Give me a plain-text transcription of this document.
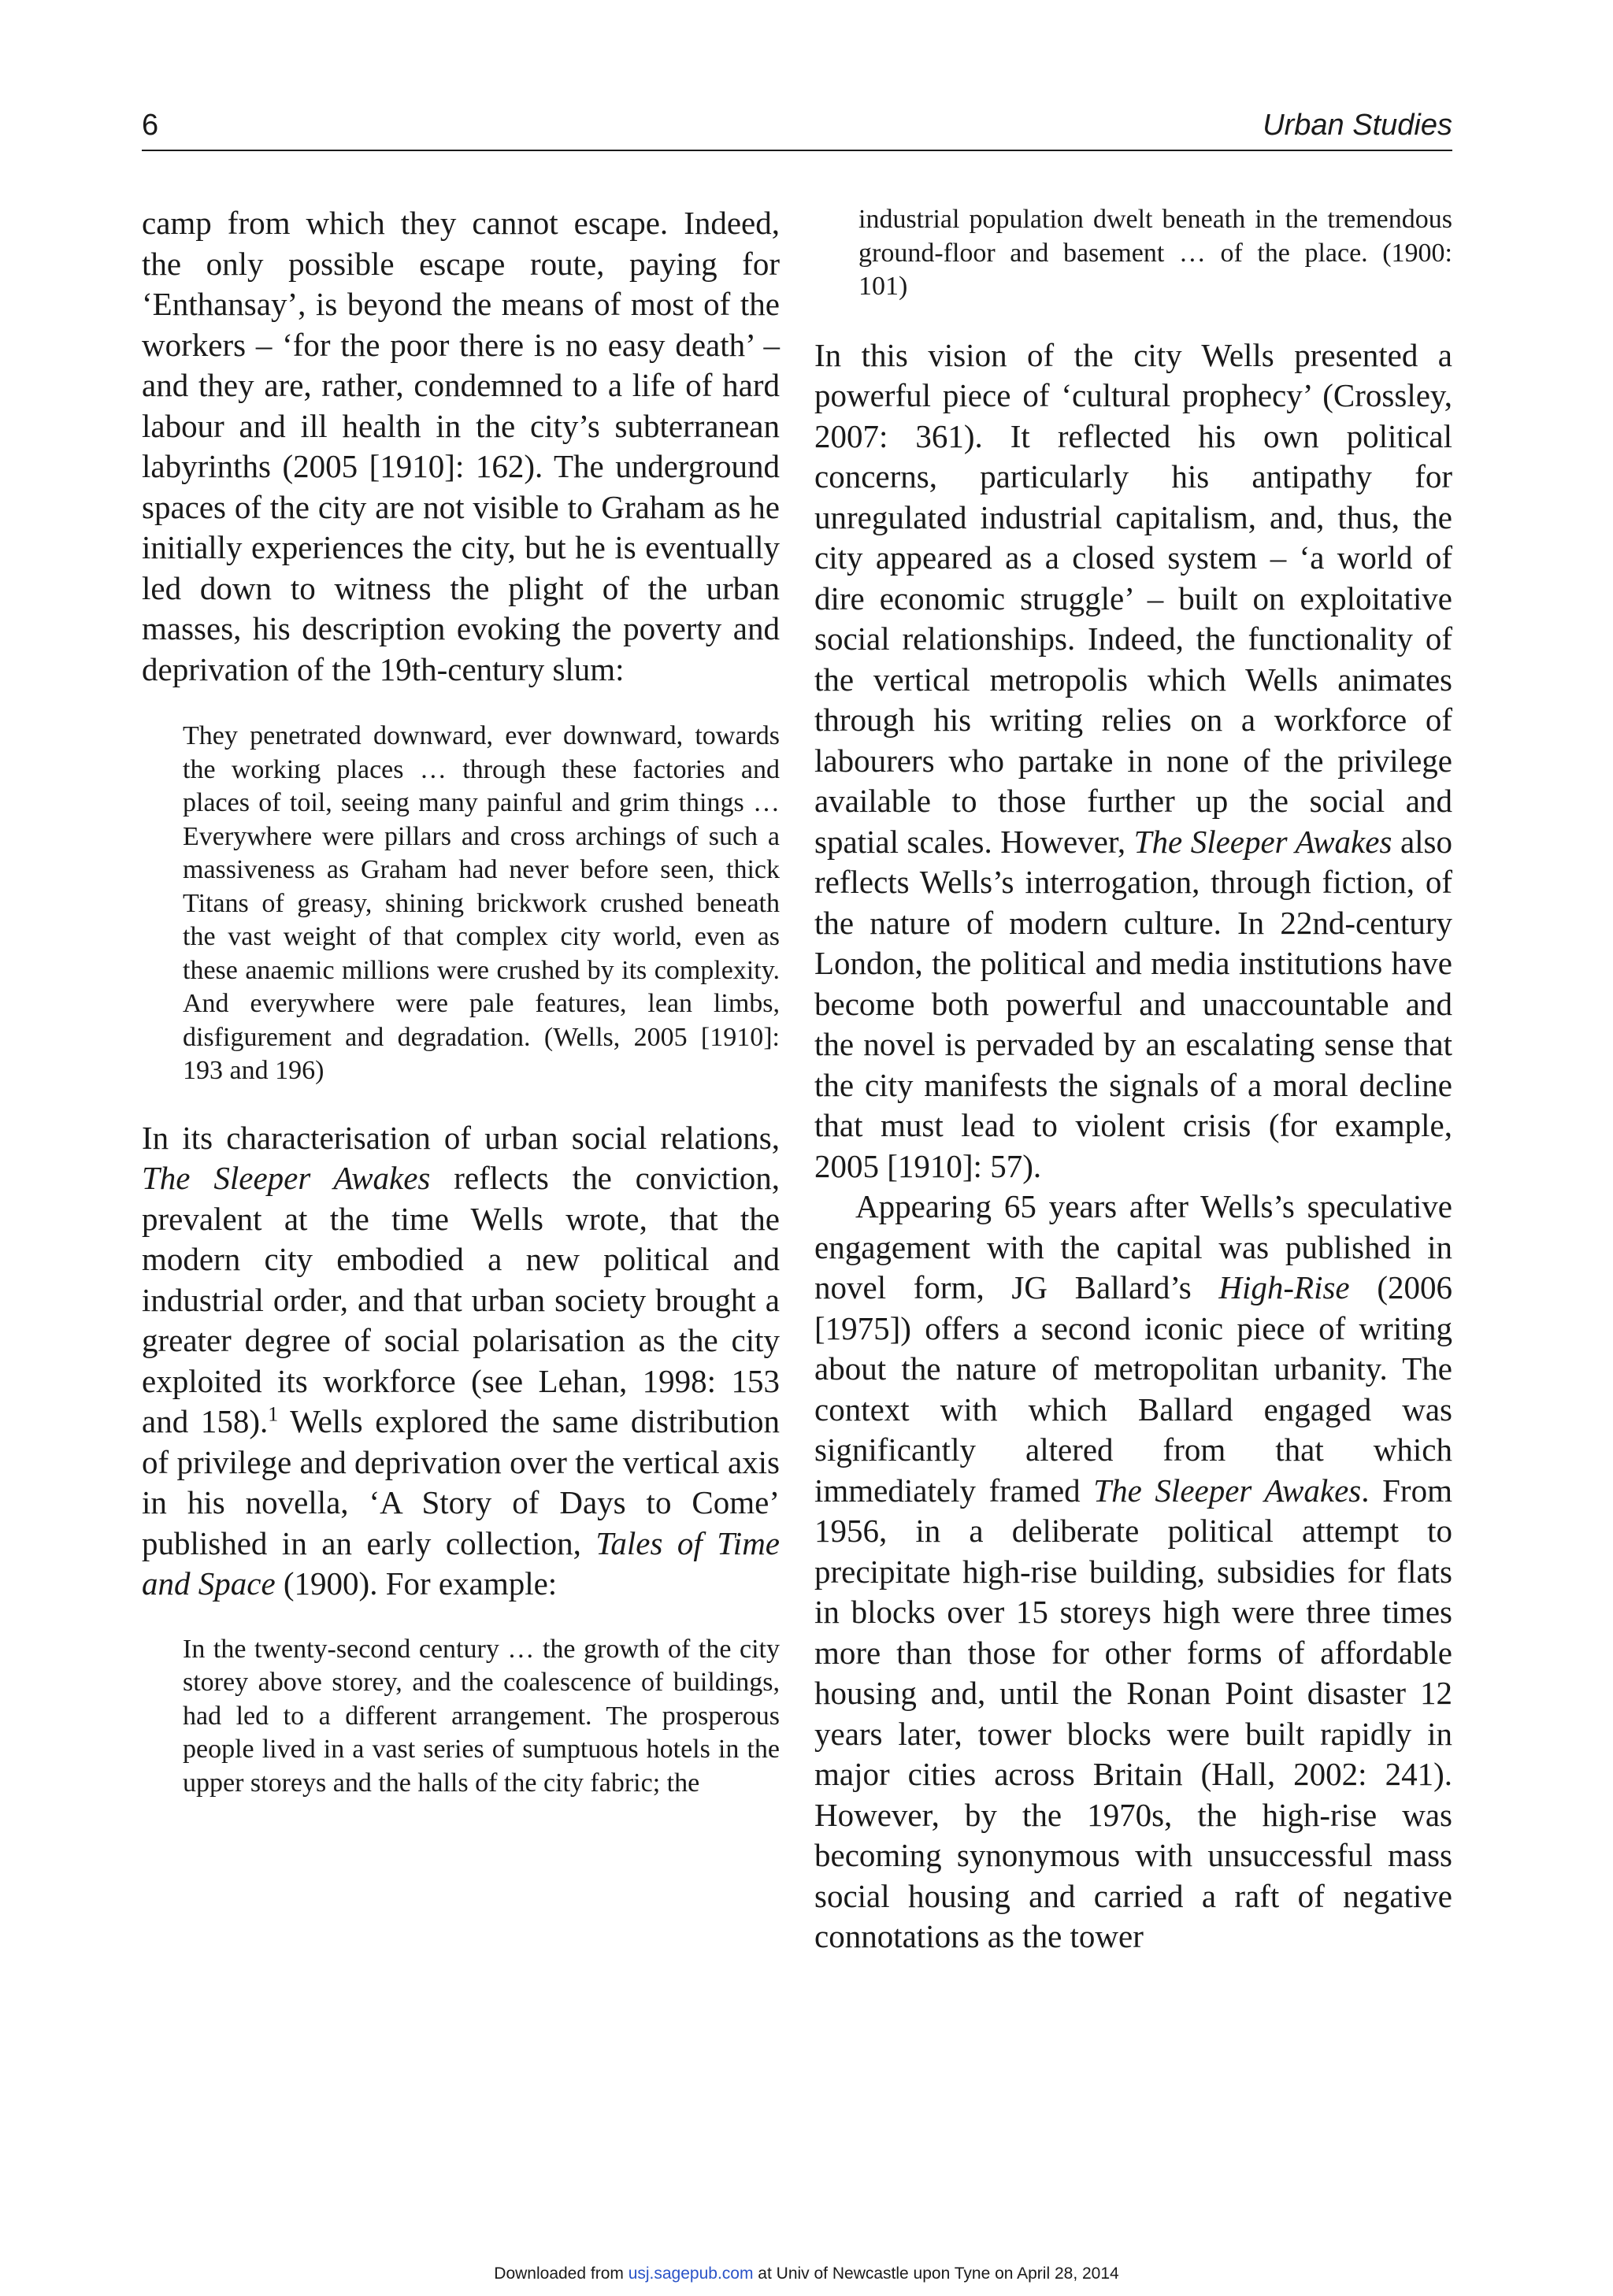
6	Urban Studies

camp from which they cannot escape. Indeed, the only possible escape route, paying for ‘Enthansay’, is beyond the means of most of the workers – ‘for the poor there is no easy death’ – and they are, rather, condemned to a life of hard labour and ill health in the city’s subterranean labyrinths (2005 [1910]: 162). The underground spaces of the city are not visible to Graham as he initially experiences the city, but he is eventually led down to witness the plight of the urban masses, his description evoking the poverty and deprivation of the 19th-century slum:

They penetrated downward, ever downward, towards the working places … through these factories and places of toil, seeing many painful and grim things … Everywhere were pillars and cross archings of such a massiveness as Graham had never before seen, thick Titans of greasy, shining brickwork crushed beneath the vast weight of that complex city world, even as these anaemic millions were crushed by its complexity. And everywhere were pale features, lean limbs, disfigurement and degradation. (Wells, 2005 [1910]: 193 and 196)

In its characterisation of urban social relations, The Sleeper Awakes reflects the conviction, prevalent at the time Wells wrote, that the modern city embodied a new political and industrial order, and that urban society brought a greater degree of social polarisation as the city exploited its workforce (see Lehan, 1998: 153 and 158).$^1$ Wells explored the same distribution of privilege and deprivation over the vertical axis in his novella, ‘A Story of Days to Come’ published in an early collection, Tales of Time and Space (1900). For example:

In the twenty-second century … the growth of the city storey above storey, and the coalescence of buildings, had led to a different arrangement. The prosperous people lived in a vast series of sumptuous hotels in the upper storeys and the halls of the city fabric; the
industrial population dwelt beneath in the tremendous ground-floor and basement … of the place. (1900: 101)

In this vision of the city Wells presented a powerful piece of ‘cultural prophecy’ (Crossley, 2007: 361). It reflected his own political concerns, particularly his antipathy for unregulated industrial capitalism, and, thus, the city appeared as a closed system – ‘a world of dire economic struggle’ – built on exploitative social relationships. Indeed, the functionality of the vertical metropolis which Wells animates through his writing relies on a workforce of labourers who partake in none of the privilege available to those further up the social and spatial scales. However, The Sleeper Awakes also reflects Wells’s interrogation, through fiction, of the nature of modern culture. In 22nd-century London, the political and media institutions have become both powerful and unaccountable and the novel is pervaded by an escalating sense that the city manifests the signals of a moral decline that must lead to violent crisis (for example, 2005 [1910]: 57).

Appearing 65 years after Wells’s speculative engagement with the capital was published in novel form, JG Ballard’s High-Rise (2006 [1975]) offers a second iconic piece of writing about the nature of metropolitan urbanity. The context with which Ballard engaged was significantly altered from that which immediately framed The Sleeper Awakes. From 1956, in a deliberate political attempt to precipitate high-rise building, subsidies for flats in blocks over 15 storeys high were three times more than those for other forms of affordable housing and, until the Ronan Point disaster 12 years later, tower blocks were built rapidly in major cities across Britain (Hall, 2002: 241). However, by the 1970s, the high-rise was becoming synonymous with unsuccessful mass social housing and carried a raft of negative connotations as the tower

Downloaded from usj.sagepub.com at Univ of Newcastle upon Tyne on April 28, 2014
